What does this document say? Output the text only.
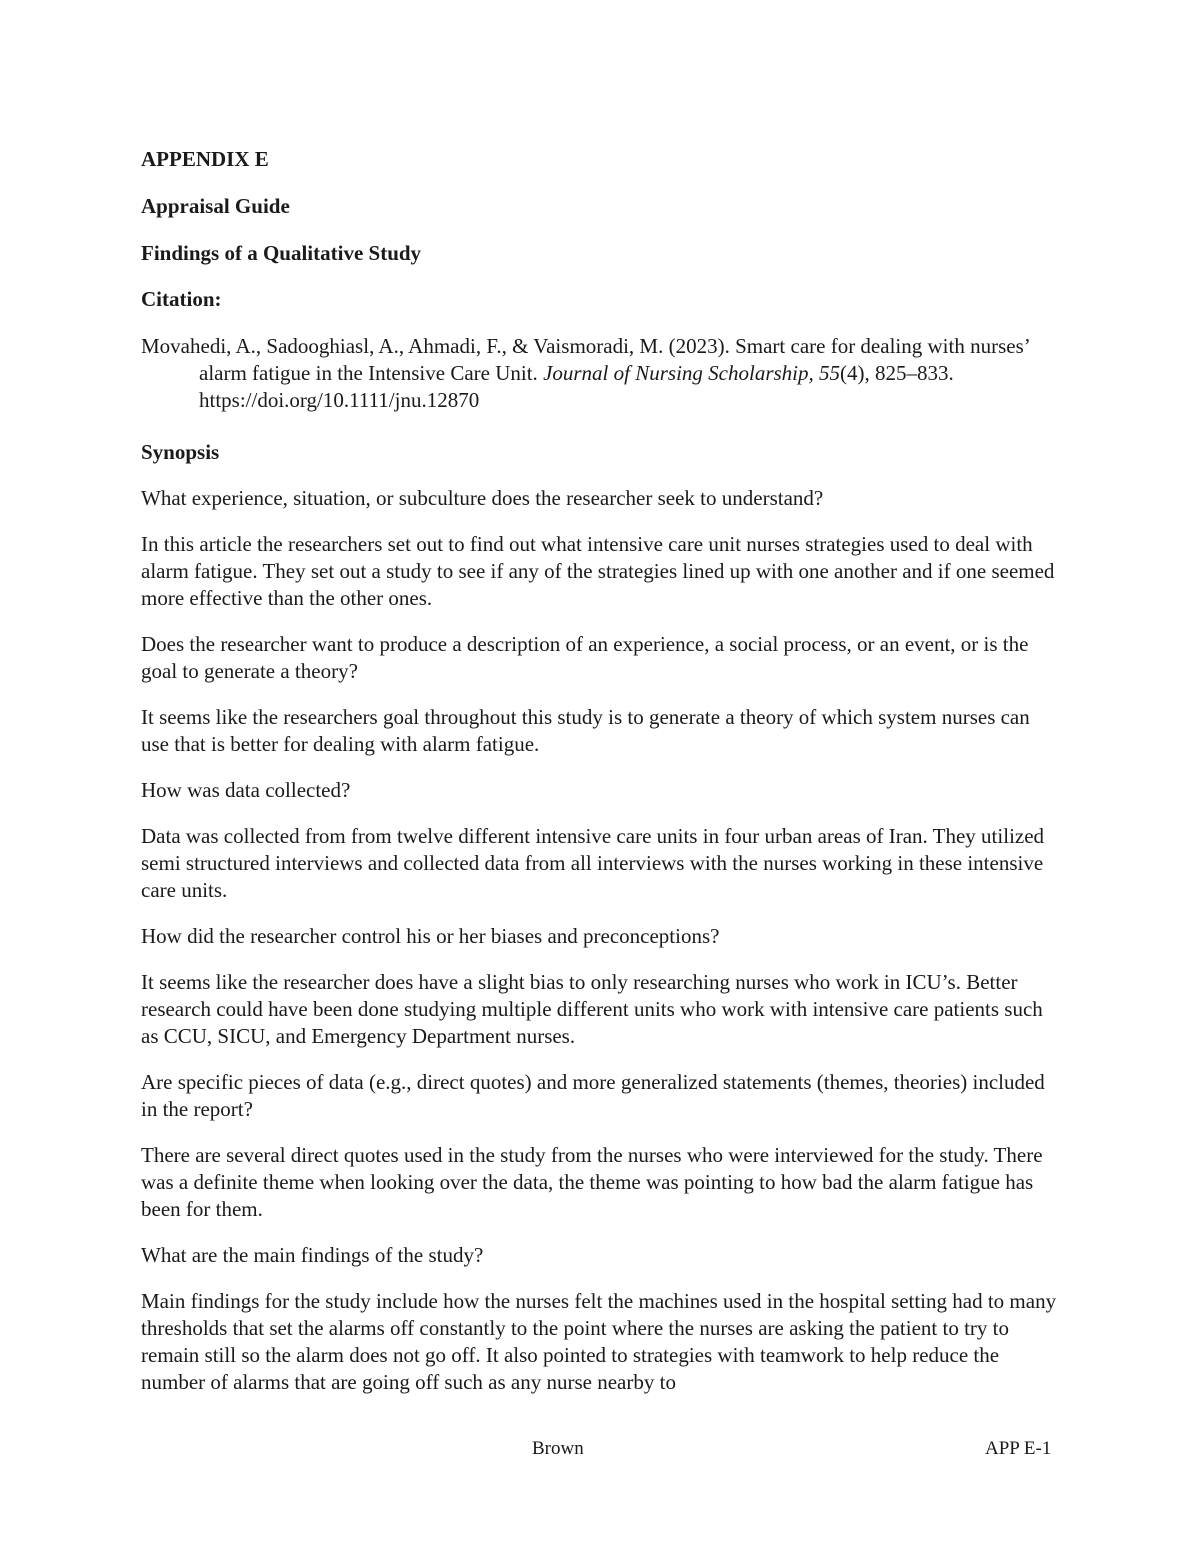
APPENDIX E

Appraisal Guide

Findings of a Qualitative Study

Citation:

Movahedi, A., Sadooghiasl, A., Ahmadi, F., & Vaismoradi, M. (2023). Smart care for dealing with nurses’ alarm fatigue in the Intensive Care Unit. Journal of Nursing Scholarship, 55(4), 825–833. https://doi.org/10.1111/jnu.12870

Synopsis

What experience, situation, or subculture does the researcher seek to understand?

In this article the researchers set out to find out what intensive care unit nurses strategies used to deal with alarm fatigue. They set out a study to see if any of the strategies lined up with one another and if one seemed more effective than the other ones.

Does the researcher want to produce a description of an experience, a social process, or an event, or is the goal to generate a theory?

It seems like the researchers goal throughout this study is to generate a theory of which system nurses can use that is better for dealing with alarm fatigue.

How was data collected?

Data was collected from from twelve different intensive care units in four urban areas of Iran. They utilized semi structured interviews and collected data from all interviews with the nurses working in these intensive care units.

How did the researcher control his or her biases and preconceptions?

It seems like the researcher does have a slight bias to only researching nurses who work in ICU’s. Better research could have been done studying multiple different units who work with intensive care patients such as CCU, SICU, and Emergency Department nurses.

Are specific pieces of data (e.g., direct quotes) and more generalized statements (themes, theories) included in the report?

There are several direct quotes used in the study from the nurses who were interviewed for the study. There was a definite theme when looking over the data, the theme was pointing to how bad the alarm fatigue has been for them.

What are the main findings of the study?

Main findings for the study include how the nurses felt the machines used in the hospital setting had to many thresholds that set the alarms off constantly to the point where the nurses are asking the patient to try to remain still so the alarm does not go off. It also pointed to strategies with teamwork to help reduce the number of alarms that are going off such as any nurse nearby to

Brown	APP E-1
